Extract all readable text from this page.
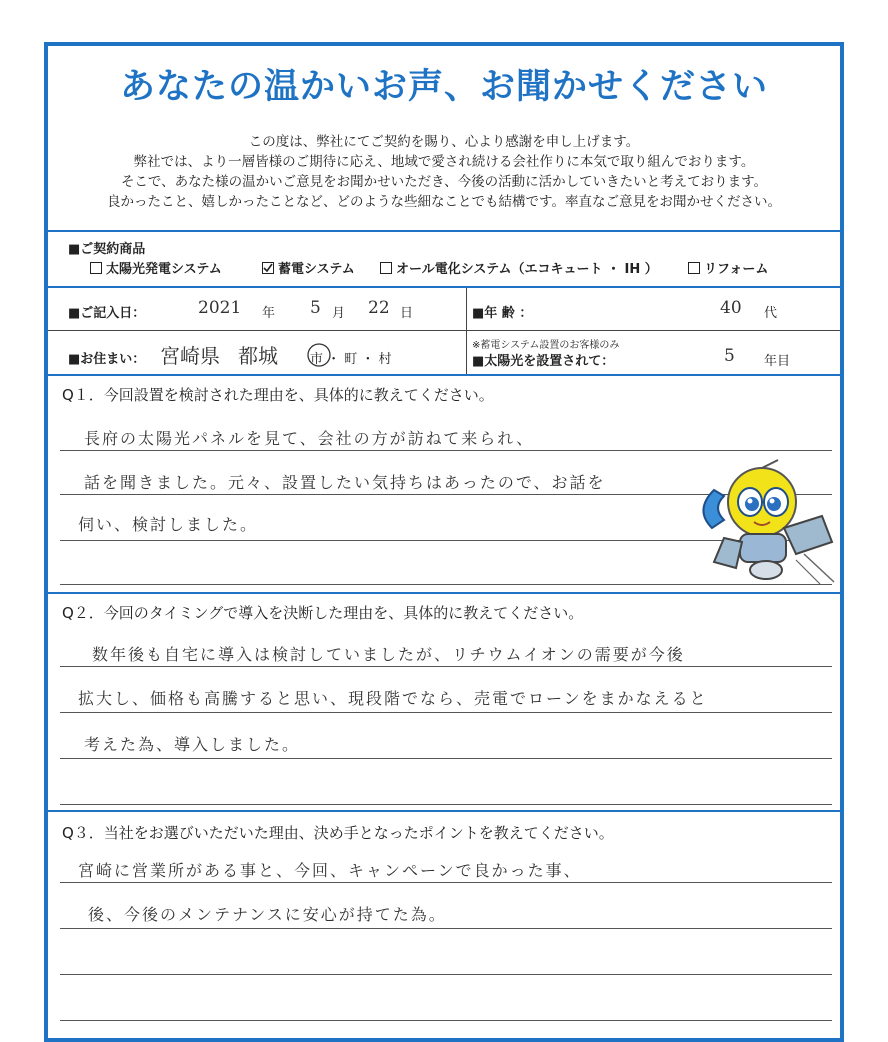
あなたの温かいお声、お聞かせください
この度は、弊社にてご契約を賜り、心より感謝を申し上げます。
弊社では、より一層皆様のご期待に応え、地域で愛され続ける会社作りに本気で取り組んでおります。
そこで、あなた様の温かいご意見をお聞かせいただき、今後の活動に活かしていきたいと考えております。
良かったこと、嬉しかったことなど、どのような些細なことでも結構です。率直なご意見をお聞かせください。
■ご契約商品
太陽光発電システム	蓄電システム	オール電化システム（エコキュート ・ IH ）	リフォーム
■ご記入日：	2021 年 5 月 22 日	■年 齢 ：	40 代
■お住まい： 宮崎県 都城 市 ・ 町 ・ 村
※蓄電システム設置のお客様のみ
■太陽光を設置されて：	5 年目
Q１．今回設置を検討された理由を、具体的に教えてください。
長府の太陽光パネルを見て、会社の方が訪ねて来られ、
話を聞きました。元々、設置したい気持ちはあったので、お話を
伺い、検討しました。
Q２．今回のタイミングで導入を決断した理由を、具体的に教えてください。
数年後も自宅に導入は検討していましたが、リチウムイオンの需要が今後
拡大し、価格も高騰すると思い、現段階でなら、売電でローンをまかなえると
考えた為、導入しました。
Q３．当社をお選びいただいた理由、決め手となったポイントを教えてください。
宮崎に営業所がある事と、今回、キャンペーンで良かった事、
後、今後のメンテナンスに安心が持てた為。
